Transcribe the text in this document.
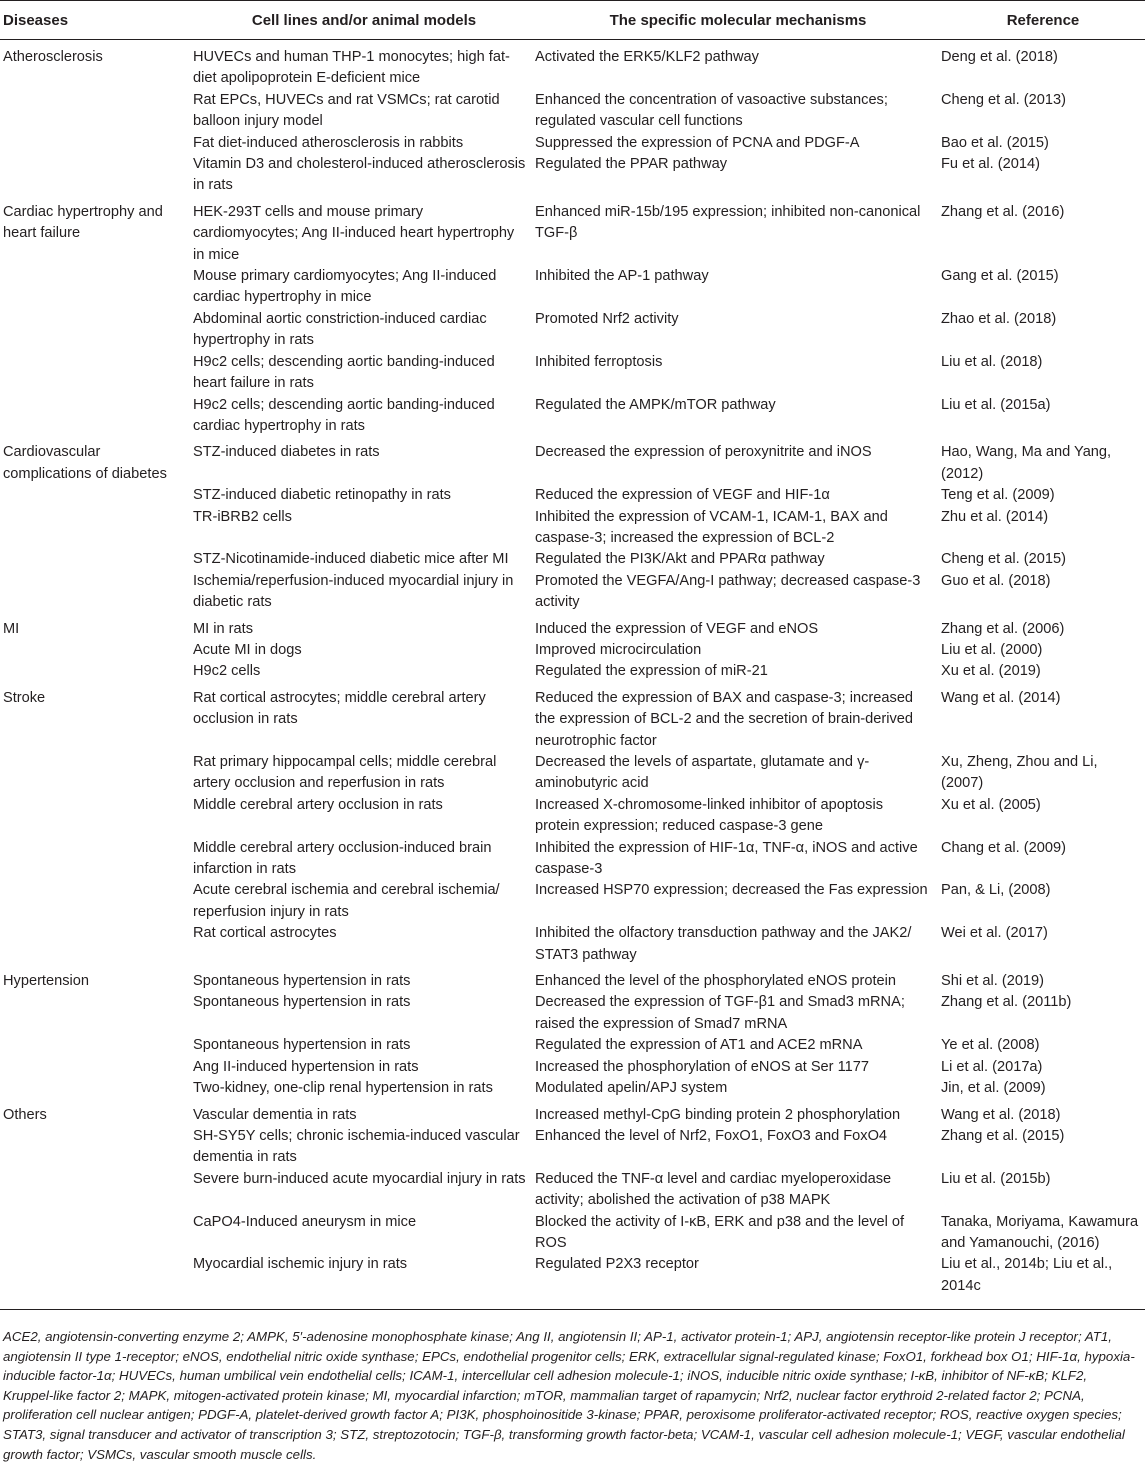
Diseases	Cell lines and/or animal models	The specific molecular mechanisms	Reference
Atherosclerosis	HUVECs and human THP-1 monocytes; high fat-diet apolipoprotein E-deficient mice	Activated the ERK5/KLF2 pathway	Deng et al. (2018)
	Rat EPCs, HUVECs and rat VSMCs; rat carotid balloon injury model	Enhanced the concentration of vasoactive substances; regulated vascular cell functions	Cheng et al. (2013)
	Fat diet-induced atherosclerosis in rabbits	Suppressed the expression of PCNA and PDGF-A	Bao et al. (2015)
	Vitamin D3 and cholesterol-induced atherosclerosis in rats	Regulated the PPAR pathway	Fu et al. (2014)
Cardiac hypertrophy and heart failure	HEK-293T cells and mouse primary cardiomyocytes; Ang II-induced heart hypertrophy in mice	Enhanced miR-15b/195 expression; inhibited non-canonical TGF-β	Zhang et al. (2016)
	Mouse primary cardiomyocytes; Ang II-induced cardiac hypertrophy in mice	Inhibited the AP-1 pathway	Gang et al. (2015)
	Abdominal aortic constriction-induced cardiac hypertrophy in rats	Promoted Nrf2 activity	Zhao et al. (2018)
	H9c2 cells; descending aortic banding-induced heart failure in rats	Inhibited ferroptosis	Liu et al. (2018)
	H9c2 cells; descending aortic banding-induced cardiac hypertrophy in rats	Regulated the AMPK/mTOR pathway	Liu et al. (2015a)
Cardiovascular complications of diabetes	STZ-induced diabetes in rats	Decreased the expression of peroxynitrite and iNOS	Hao, Wang, Ma and Yang, (2012)
	STZ-induced diabetic retinopathy in rats	Reduced the expression of VEGF and HIF-1α	Teng et al. (2009)
	TR-iBRB2 cells	Inhibited the expression of VCAM-1, ICAM-1, BAX and caspase-3; increased the expression of BCL-2	Zhu et al. (2014)
	STZ-Nicotinamide-induced diabetic mice after MI	Regulated the PI3K/Akt and PPARα pathway	Cheng et al. (2015)
	Ischemia/reperfusion-induced myocardial injury in diabetic rats	Promoted the VEGFA/Ang-I pathway; decreased caspase-3 activity	Guo et al. (2018)
MI	MI in rats	Induced the expression of VEGF and eNOS	Zhang et al. (2006)
	Acute MI in dogs	Improved microcirculation	Liu et al. (2000)
	H9c2 cells	Regulated the expression of miR-21	Xu et al. (2019)
Stroke	Rat cortical astrocytes; middle cerebral artery occlusion in rats	Reduced the expression of BAX and caspase-3; increased the expression of BCL-2 and the secretion of brain-derived neurotrophic factor	Wang et al. (2014)
	Rat primary hippocampal cells; middle cerebral artery occlusion and reperfusion in rats	Decreased the levels of aspartate, glutamate and γ-aminobutyric acid	Xu, Zheng, Zhou and Li, (2007)
	Middle cerebral artery occlusion in rats	Increased X-chromosome-linked inhibitor of apoptosis protein expression; reduced caspase-3 gene	Xu et al. (2005)
	Middle cerebral artery occlusion-induced brain infarction in rats	Inhibited the expression of HIF-1α, TNF-α, iNOS and active caspase-3	Chang et al. (2009)
	Acute cerebral ischemia and cerebral ischemia/ reperfusion injury in rats	Increased HSP70 expression; decreased the Fas expression	Pan, & Li, (2008)
	Rat cortical astrocytes	Inhibited the olfactory transduction pathway and the JAK2/ STAT3 pathway	Wei et al. (2017)
Hypertension	Spontaneous hypertension in rats	Enhanced the level of the phosphorylated eNOS protein	Shi et al. (2019)
	Spontaneous hypertension in rats	Decreased the expression of TGF-β1 and Smad3 mRNA; raised the expression of Smad7 mRNA	Zhang et al. (2011b)
	Spontaneous hypertension in rats	Regulated the expression of AT1 and ACE2 mRNA	Ye et al. (2008)
	Ang II-induced hypertension in rats	Increased the phosphorylation of eNOS at Ser 1177	Li et al. (2017a)
	Two-kidney, one-clip renal hypertension in rats	Modulated apelin/APJ system	Jin, et al. (2009)
Others	Vascular dementia in rats	Increased methyl-CpG binding protein 2 phosphorylation	Wang et al. (2018)
	SH-SY5Y cells; chronic ischemia-induced vascular dementia in rats	Enhanced the level of Nrf2, FoxO1, FoxO3 and FoxO4	Zhang et al. (2015)
	Severe burn-induced acute myocardial injury in rats	Reduced the TNF-α level and cardiac myeloperoxidase activity; abolished the activation of p38 MAPK	Liu et al. (2015b)
	CaPO4-Induced aneurysm in mice	Blocked the activity of I-κB, ERK and p38 and the level of ROS	Tanaka, Moriyama, Kawamura and Yamanouchi, (2016)
	Myocardial ischemic injury in rats	Regulated P2X3 receptor	Liu et al., 2014b; Liu et al., 2014c
ACE2, angiotensin-converting enzyme 2; AMPK, 5′-adenosine monophosphate kinase; Ang II, angiotensin II; AP-1, activator protein-1; APJ, angiotensin receptor-like protein J receptor; AT1, angiotensin II type 1-receptor; eNOS, endothelial nitric oxide synthase; EPCs, endothelial progenitor cells; ERK, extracellular signal-regulated kinase; FoxO1, forkhead box O1; HIF-1α, hypoxia-inducible factor-1α; HUVECs, human umbilical vein endothelial cells; ICAM-1, intercellular cell adhesion molecule-1; iNOS, inducible nitric oxide synthase; I-κB, inhibitor of NF-κB; KLF2, Kruppel-like factor 2; MAPK, mitogen-activated protein kinase; MI, myocardial infarction; mTOR, mammalian target of rapamycin; Nrf2, nuclear factor erythroid 2-related factor 2; PCNA, proliferation cell nuclear antigen; PDGF-A, platelet-derived growth factor A; PI3K, phosphoinositide 3-kinase; PPAR, peroxisome proliferator-activated receptor; ROS, reactive oxygen species; STAT3, signal transducer and activator of transcription 3; STZ, streptozotocin; TGF-β, transforming growth factor-beta; VCAM-1, vascular cell adhesion molecule-1; VEGF, vascular endothelial growth factor; VSMCs, vascular smooth muscle cells.
